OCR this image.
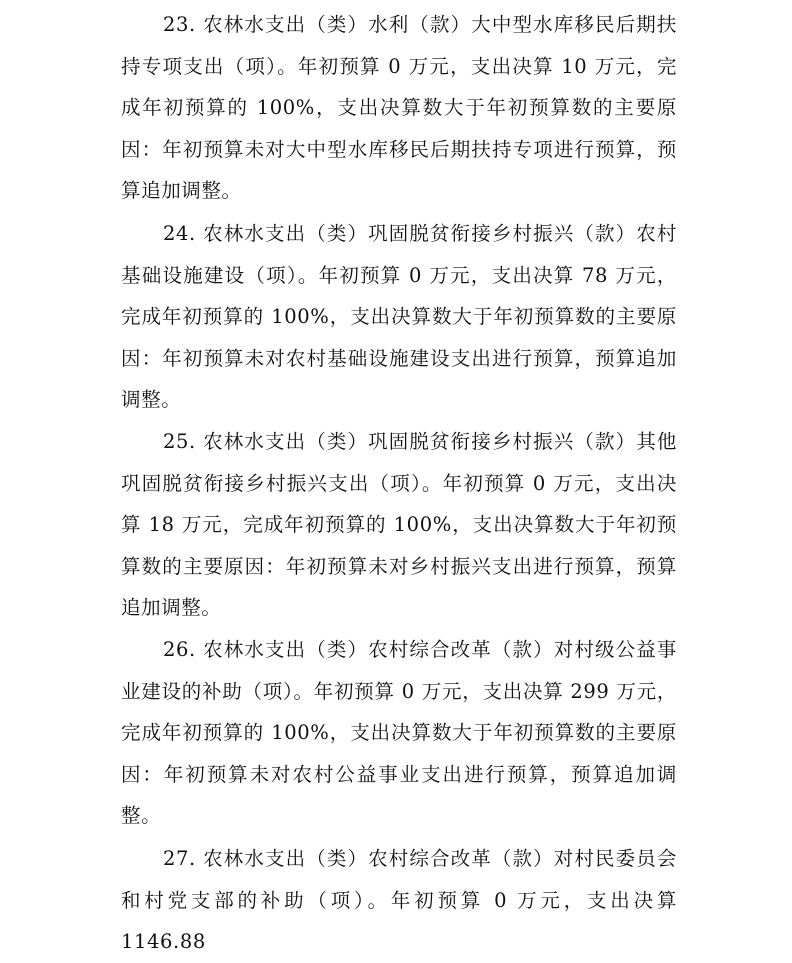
23. 农林水支出（类）水利（款）大中型水库移民后期扶持专项支出（项）。年初预算 0 万元，支出决算 10 万元，完成年初预算的 100%，支出决算数大于年初预算数的主要原因：年初预算未对大中型水库移民后期扶持专项进行预算，预算追加调整。

24. 农林水支出（类）巩固脱贫衔接乡村振兴（款）农村基础设施建设（项）。年初预算 0 万元，支出决算 78 万元，完成年初预算的 100%，支出决算数大于年初预算数的主要原因：年初预算未对农村基础设施建设支出进行预算，预算追加调整。

25. 农林水支出（类）巩固脱贫衔接乡村振兴（款）其他巩固脱贫衔接乡村振兴支出（项）。年初预算 0 万元，支出决算 18 万元，完成年初预算的 100%，支出决算数大于年初预算数的主要原因：年初预算未对乡村振兴支出进行预算，预算追加调整。

26. 农林水支出（类）农村综合改革（款）对村级公益事业建设的补助（项）。年初预算 0 万元，支出决算 299 万元，完成年初预算的 100%，支出决算数大于年初预算数的主要原因：年初预算未对农村公益事业支出进行预算，预算追加调整。

27. 农林水支出（类）农村综合改革（款）对村民委员会和村党支部的补助（项）。年初预算 0 万元，支出决算 1146.88
